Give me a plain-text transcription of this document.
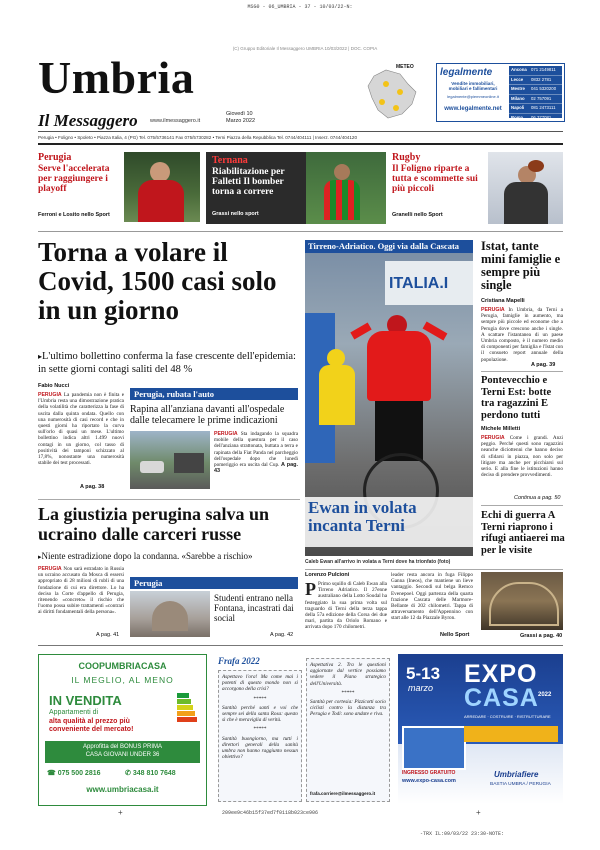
MSG0 - 06_UMBRIA - 37 - 10/03/22-N:
(C) Gruppo Editoriale Il Messaggero UMBRIA 10/03/2022 | DOC. COPIA
Umbria
Il Messaggero www.ilmessaggero.it
Giovedì 10
Marzo 2022
METEO	legalmente
Vendite immobiliari,
mobiliari e fallimentari
legalmente@piemmeonline.it
www.legalmente.net
Ancona 071 2149811
Lecce 0832 2781
Mestre 041 5320200
Milano 02 757091
Napoli 081 2473111
Roma 06 377081
Perugia • Foligno • Spoleto • Piazza Italia, 4 (PG) Tel. 075/5736141 Fax 075/5730282 • Terni Piazza della Repubblica Tel. 0744/404111 | Inserz. 0744/404120
Perugia
Serve l'accelerata per raggiungere i playoff
Ferroni e Losito nello Sport
Ternana
Riabilitazione per Falletti Il bomber torna a correre
Grassi nello sport
Rugby
Il Foligno riparte a tutta e scommette sui più piccoli
Granelli nello Sport
Torna a volare il Covid, 1500 casi solo in un giorno
▸L'ultimo bollettino conferma la fase crescente dell'epidemia: in sette giorni contagi saliti del 48 %
Fabio Nucci
PERUGIA La pandemia non è finita e l'Umbria resta una dimostrazione pratica della volatilità che caratterizza la fase di uscita dalla quinta ondata. Quello con una numerosità di casi record e che in questi giorni ha riportato la curva sull'orlo di quasi un mese. L'ultimo bollettino indica altri 1.499 nuovi contagi in un giorno, col tasso di positività dei tamponi schizzato al 17,8%, nonostante una numerosità stabile dei test processati.
A pag. 38
Perugia, rubata l'auto
Rapina all'anziana davanti all'ospedale dalle telecamere le prime indicazioni
PERUGIA Sta indagando la squadra mobile della questura per il caso dell'anziana strattonata, buttata a terra e rapinata della Fiat Panda nel parcheggio dell'ospedale dopo che lunedì pomeriggio era uscita dal Cup. A pag. 43
Tirreno-Adriatico. Oggi via dalla Cascata
ITALIA.I
Ewan in volata incanta Terni
Caleb Ewan all'arrivo in volata a Terni dove ha trionfato (foto)
Lorenzo Pulcioni
P Primo squillo di Caleb Ewan alla Tirreno Adriatico. Il 27enne australiano della Lotto Soudal ha festeggiato la sua prima volta sul traguardo di Terni della terza tappa della 57a edizione della Corsa dei due mari, partita da Oriolo Romano e arrivata dopo 170 chilometri.
leader resta ancora in fuga Filippo Ganna (Ineos), che mantiene un lieve vantaggio. Secondi sul belga Remco Evenepoel. Oggi partenza della quarta frazione Cascata delle Marmore-Bellante di 202 chilometri. Tappa di attraversamento dell'Appennino con start alle 12 da Piazzale Byron.
Nello Sport
Istat, tante mini famiglie e sempre più single
Cristiana Mapelli
PERUGIA In Umbria, da Terni a Perugia, famiglie in aumento, ma sempre più piccole ed econome che a Perugia dove crescono anche i single. A scattare l'istantanea di un paese Umbria composto, è il numero medio di componenti per famiglia e l'Istat con il consueto report annuale della popolazione.
A pag. 39
Pontevecchio e Terni Est: botte tra ragazzini E perdono tutti
Michele Milletti
PERUGIA Come i grandi. Anzi peggio. Perché questi sono ragazzini neanche diciottenni che hanno deciso di sfidarsi in piazza, non solo per litigare ma anche per picchiarsi sul serio. E alla fine le istituzioni hanno deciso di prendere provvedimenti.
Continua a pag. 50
Echi di guerra A Terni riaprono i rifugi antiaerei ma per le visite
Grassi a pag. 40
La giustizia perugina salva un ucraino dalle carceri russe
▸Niente estradizione dopo la condanna. «Sarebbe a rischio»
PERUGIA Non sarà estradato in Russia un ucraino accusato da Mosca di essersi appropriato di 28 milioni di rubli di una fondazione di cui era direttore. Lo ha deciso la Corte d'appello di Perugia, ritenendo «concreto» il rischio che l'uomo possa subire trattamenti «contrari ai diritti fondamentali della persona».
A pag. 41
Perugia
Studenti entrano nella Fontana, incastrati dai social
A pag. 42
COOPUMBRIACASA
IL MEGLIO, AL MENO
IN VENDITA
Appartamenti di
alta qualità al prezzo più
conveniente del mercato!
Approfitta del BONUS PRIMA
CASA GIOVANI UNDER 36
☎ 075 500 2816	✆ 348 810 7648
www.umbriacasa.it
+
Frafa 2022
Aspettavo l'ora! Ma come mai i potenti di questo mondo non si accorgono della crisi?
*****
Santità perché santi e voi che sempre sei della santa Rosa: questo sì che è meraviglia di verità.
*****
Santità buongiorno, ma tutti i direttori generali della sanità umbra non hanno raggiunto nessun obiettivo?
Aspettativa 2. Tra le questioni aggiornate dal vertice possiamo vedere il Piano strategico dell'Università.
*****
Santità per cortesia: Pizzicotti socio ciclisti contro la distanza tra Perugia e Todi: sono andate e riva.
frafa.corriere@ilmessaggero.it
5-13
marzo EXPO
CASA 2022
ARREDARE · COSTRUIRE · RISTRUTTURARE
INGRESSO GRATUITO
www.expo-casa.com
Umbriafiere
BASTIA UMBRA / PERUGIA
+
209ee9c46b15f37ed7f0118b023ce906
-TRX IL:09/03/22 23:30-NOTE:
